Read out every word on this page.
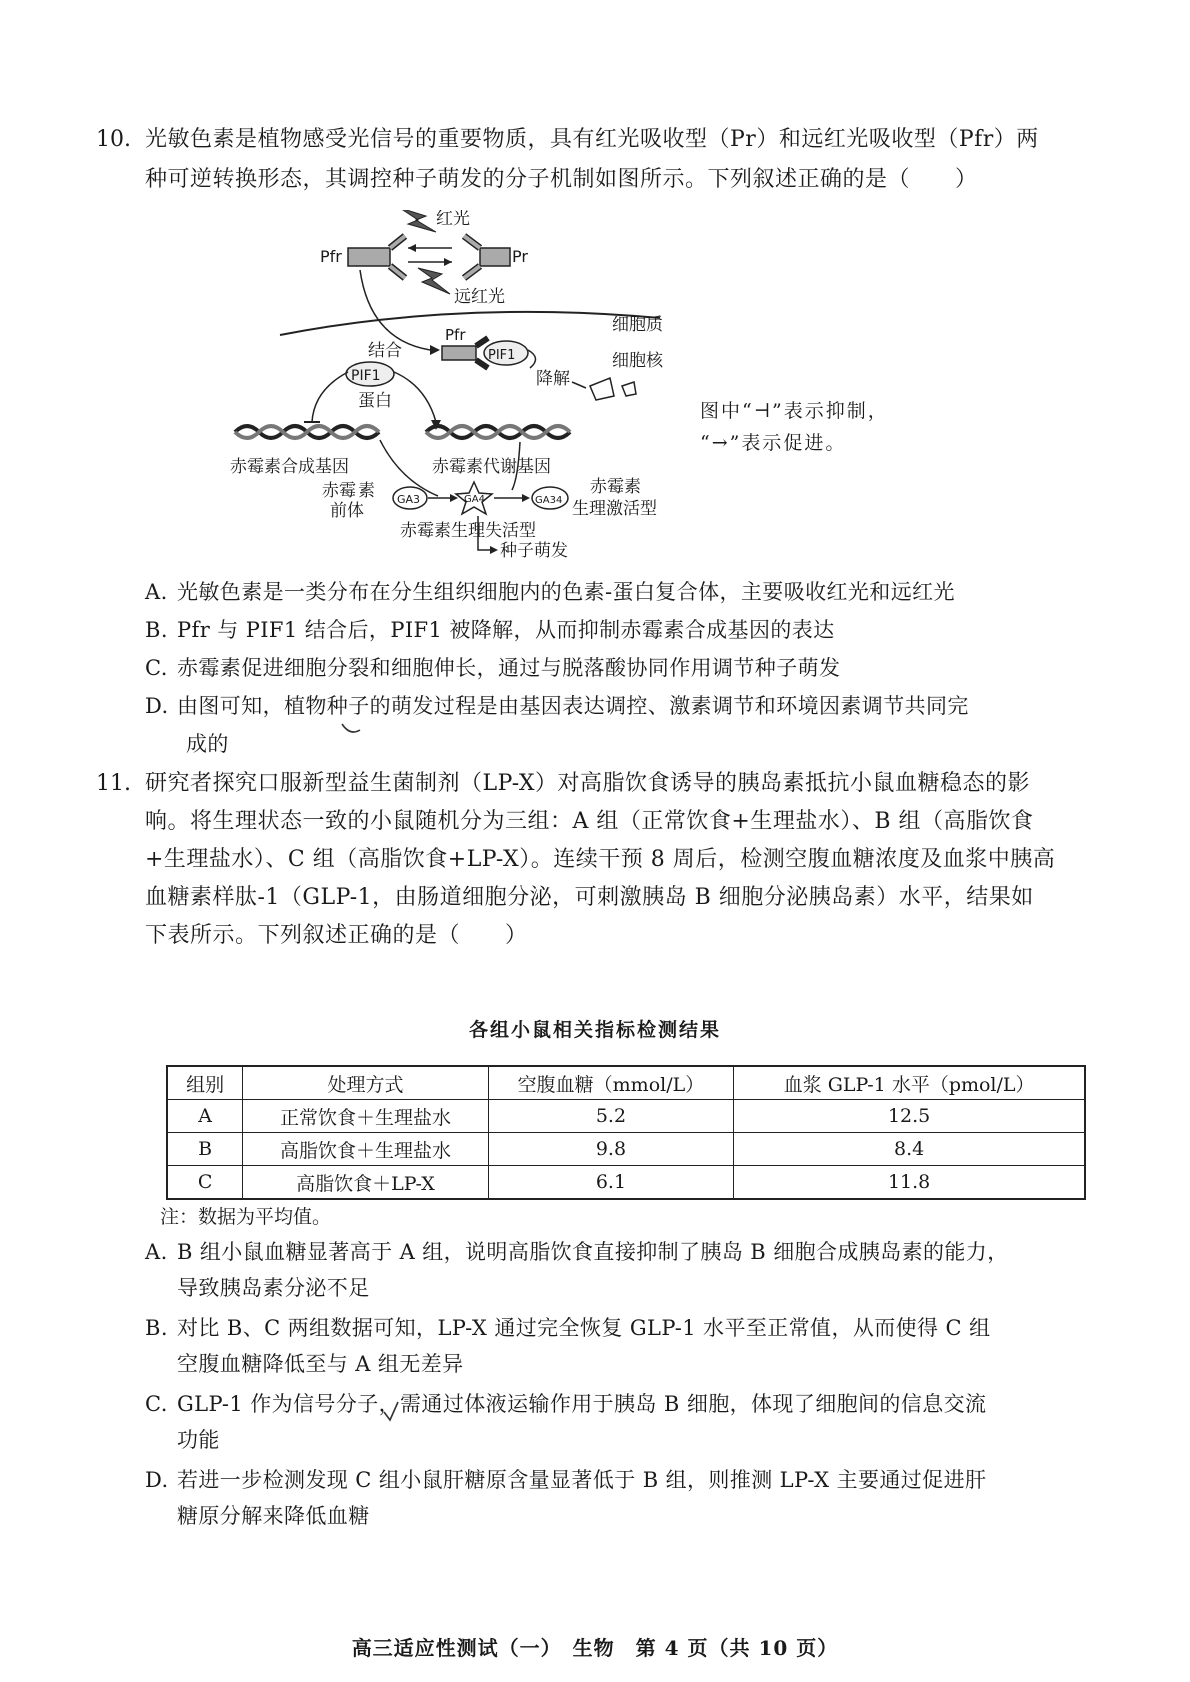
10. 光敏色素是植物感受光信号的重要物质，具有红光吸收型（Pr）和远红光吸收型（Pfr）两
种可逆转换形态，其调控种子萌发的分子机制如图所示。下列叙述正确的是（　　）
红光
Pfr	Pr
远红光
细胞质
结合
Pfr
PIF1	细胞核
降解
PIF1
蛋白
赤霉素合成基因	赤霉素代谢基因
赤霉 素
前体
GA3	GA4	GA34
赤霉素
生理激活型
赤霉素生理失活型
种子萌发
图中“⊣”表示抑制，
“→”表示促进。
A. 光敏色素是一类分布在分生组织细胞内的色素-蛋白复合体，主要吸收红光和远红光
B. Pfr 与 PIF1 结合后，PIF1 被降解，从而抑制赤霉素合成基因的表达
C. 赤霉素促进细胞分裂和细胞伸长，通过与脱落酸协同作用调节种子萌发
D. 由图可知，植物种子的萌发过程是由基因表达调控、激素调节和环境因素调节共同完
成的
11. 研究者探究口服新型益生菌制剂（LP-X）对高脂饮食诱导的胰岛素抵抗小鼠血糖稳态的影
响。将生理状态一致的小鼠随机分为三组：A 组（正常饮食+生理盐水）、B 组（高脂饮食
+生理盐水）、C 组（高脂饮食+LP-X）。连续干预 8 周后，检测空腹血糖浓度及血浆中胰高
血糖素样肽-1（GLP-1，由肠道细胞分泌，可刺激胰岛 B 细胞分泌胰岛素）水平，结果如
下表所示。下列叙述正确的是（　　）
各组小鼠相关指标检测结果
组别	处理方式	空腹血糖（mmol/L）	血浆 GLP-1 水平（pmol/L）
A	正常饮食＋生理盐水	5.2	12.5
B	高脂饮食＋生理盐水	9.8	8.4
C	高脂饮食＋LP-X	6.1	11.8
注：数据为平均值。
A. B 组小鼠血糖显著高于 A 组，说明高脂饮食直接抑制了胰岛 B 细胞合成胰岛素的能力，
导致胰岛素分泌不足
B. 对比 B、C 两组数据可知，LP-X 通过完全恢复 GLP-1 水平至正常值，从而使得 C 组
空腹血糖降低至与 A 组无差异
C. GLP-1 作为信号分子，需通过体液运输作用于胰岛 B 细胞，体现了细胞间的信息交流
功能
D. 若进一步检测发现 C 组小鼠肝糖原含量显著低于 B 组，则推测 LP-X 主要通过促进肝
糖原分解来降低血糖
高三适应性测试（一）　生物　第 4 页（共 10 页）
